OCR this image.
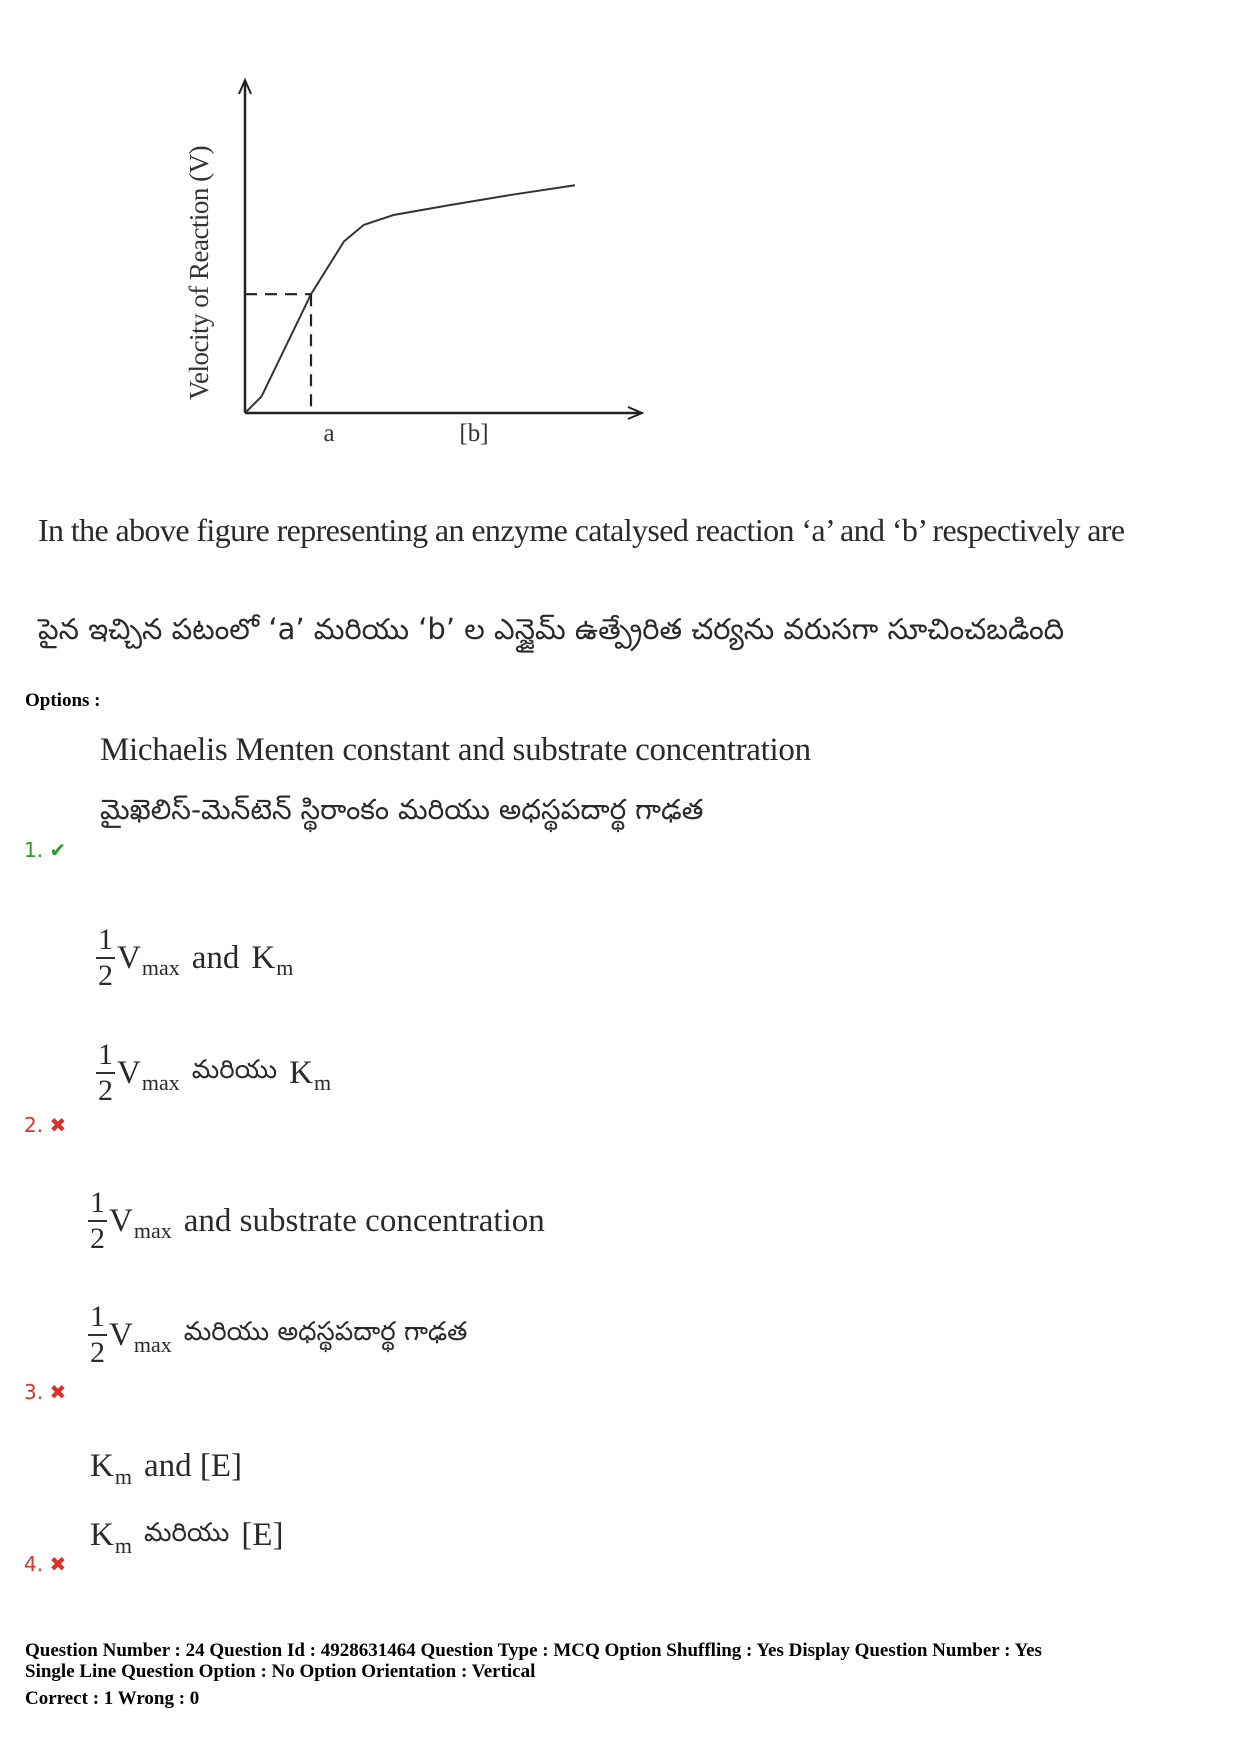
Velocity of Reaction (V)
a	[b]
In the above figure representing an enzyme catalysed reaction ‘a’ and ‘b’ respectively are
పైన ఇచ్చిన పటంలో ‘a’ మరియు ‘b’ ల ఎన్జైమ్ ఉత్ప్రేరిత చర్యను వరుసగా సూచించబడింది
Options :
Michaelis Menten constant and substrate concentration
మైఖెలిస్-మెన్‌టెన్ స్థిరాంకం మరియు అధస్థపదార్థ గాఢత
1. ✔
$\frac{1}{2}$ V max and K m
$\frac{1}{2}$ V max మరియు K m
2. ✖
$\frac{1}{2}$ V max and substrate concentration
$\frac{1}{2}$ V max మరియు అధస్థపదార్థ గాఢత
3. ✖
K m and [E]
K m మరియు [E]
4. ✖
Question Number : 24 Question Id : 4928631464 Question Type : MCQ Option Shuffling : Yes Display Question Number : Yes
Single Line Question Option : No Option Orientation : Vertical
Correct : 1 Wrong : 0
